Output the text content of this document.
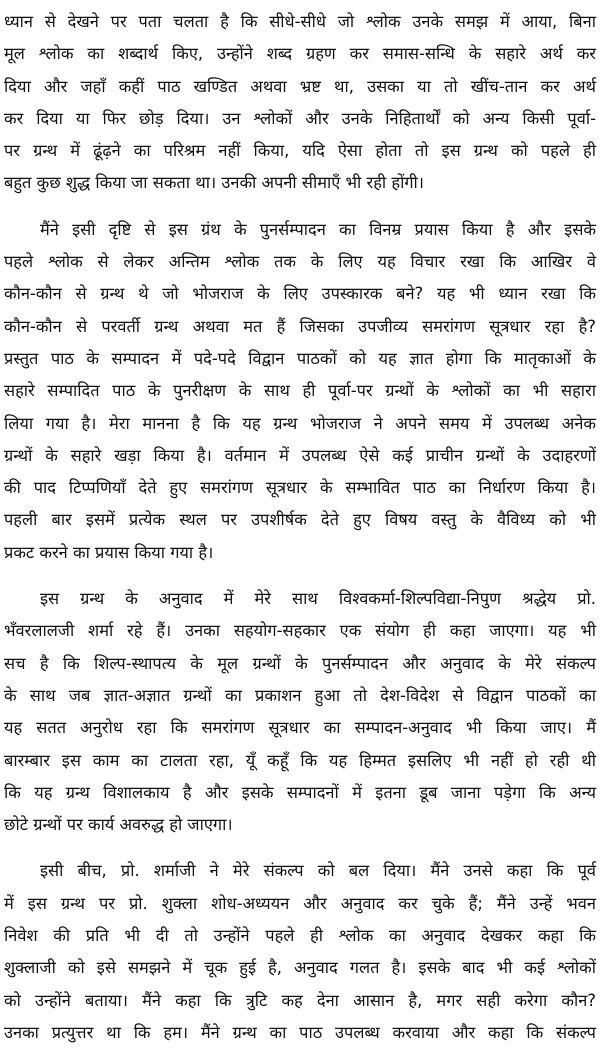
ध्यान से देखने पर पता चलता है कि सीधे-सीधे जो श्लोक उनके समझ में आया, बिना
मूल श्लोक का शब्दार्थ किए, उन्होंने शब्द ग्रहण कर समास-सन्धि के सहारे अर्थ कर
दिया और जहाँ कहीं पाठ खण्डित अथवा भ्रष्ट था, उसका या तो खींच-तान कर अर्थ
कर दिया या फिर छोड़ दिया। उन श्लोकों और उनके निहितार्थों को अन्य किसी पूर्वा-
पर ग्रन्थ में ढूंढ़ने का परिश्रम नहीं किया, यदि ऐसा होता तो इस ग्रन्थ को पहले ही
बहुत कुछ शुद्ध किया जा सकता था। उनकी अपनी सीमाएँ भी रही होंगी।
मैंने इसी दृष्टि से इस ग्रंथ के पुनर्सम्पादन का विनम्र प्रयास किया है और इसके
पहले श्लोक से लेकर अन्तिम श्लोक तक के लिए यह विचार रखा कि आखिर वे
कौन-कौन से ग्रन्थ थे जो भोजराज के लिए उपस्कारक बने? यह भी ध्यान रखा कि
कौन-कौन से परवर्ती ग्रन्थ अथवा मत हैं जिसका उपजीव्य समरांगण सूत्रधार रहा है?
प्रस्तुत पाठ के सम्पादन में पदे-पदे विद्वान पाठकों को यह ज्ञात होगा कि मातृकाओं के
सहारे सम्पादित पाठ के पुनरीक्षण के साथ ही पूर्वा-पर ग्रन्थों के श्लोकों का भी सहारा
लिया गया है। मेरा मानना है कि यह ग्रन्थ भोजराज ने अपने समय में उपलब्ध अनेक
ग्रन्थों के सहारे खड़ा किया है। वर्तमान में उपलब्ध ऐसे कई प्राचीन ग्रन्थों के उदाहरणों
की पाद टिप्पणियाँ देते हुए समरांगण सूत्रधार के सम्भावित पाठ का निर्धारण किया है।
पहली बार इसमें प्रत्येक स्थल पर उपशीर्षक देते हुए विषय वस्तु के वैविध्य को भी
प्रकट करने का प्रयास किया गया है।
इस ग्रन्थ के अनुवाद में मेरे साथ विश्वकर्मा-शिल्पविद्या-निपुण श्रद्धेय प्रो.
भँवरलालजी शर्मा रहे हैं। उनका सहयोग-सहकार एक संयोग ही कहा जाएगा। यह भी
सच है कि शिल्प-स्थापत्य के मूल ग्रन्थों के पुनर्सम्पादन और अनुवाद के मेरे संकल्प
के साथ जब ज्ञात-अज्ञात ग्रन्थों का प्रकाशन हुआ तो देश-विदेश से विद्वान पाठकों का
यह सतत अनुरोध रहा कि समरांगण सूत्रधार का सम्पादन-अनुवाद भी किया जाए। मैं
बारम्बार इस काम का टालता रहा, यूँ कहूँ कि यह हिम्मत इसलिए भी नहीं हो रही थी
कि यह ग्रन्थ विशालकाय है और इसके सम्पादनों में इतना डूब जाना पड़ेगा कि अन्य
छोटे ग्रन्थों पर कार्य अवरुद्ध हो जाएगा।
इसी बीच, प्रो. शर्माजी ने मेरे संकल्प को बल दिया। मैंने उनसे कहा कि पूर्व
में इस ग्रन्थ पर प्रो. शुक्ला शोध-अध्ययन और अनुवाद कर चुके हैं; मैंने उन्हें भवन
निवेश की प्रति भी दी तो उन्होंने पहले ही श्लोक का अनुवाद देखकर कहा कि
शुक्लाजी को इसे समझने में चूक हुई है, अनुवाद गलत है। इसके बाद भी कई श्लोकों
को उन्होंने बताया। मैंने कहा कि त्रुटि कह देना आसान है, मगर सही करेगा कौन?
उनका प्रत्युत्तर था कि हम। मैंने ग्रन्थ का पाठ उपलब्ध करवाया और कहा कि संकल्प
